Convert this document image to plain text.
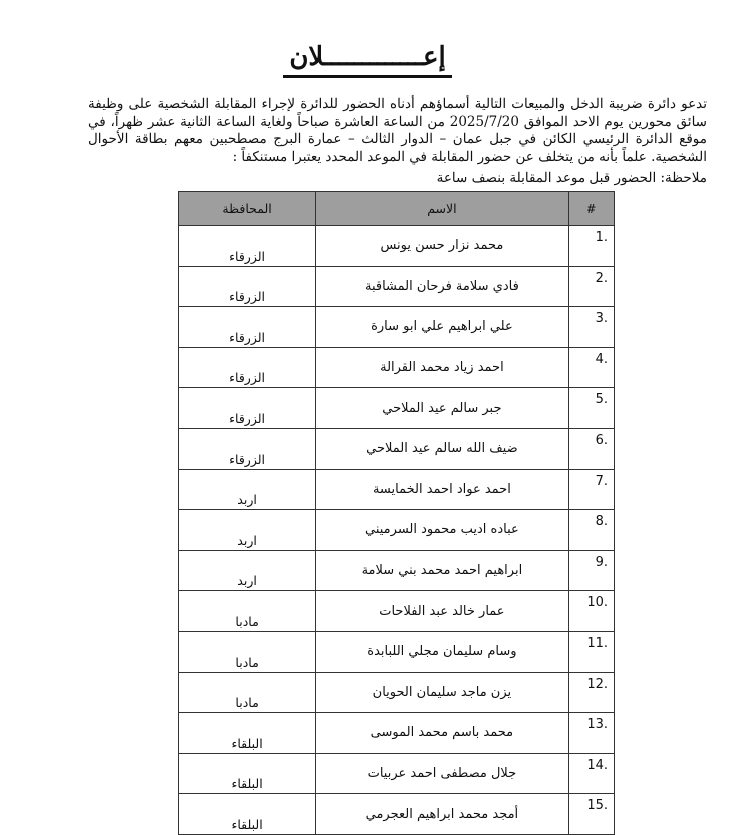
إعـــــــــــــلان

تدعو دائرة ضريبة الدخل والمبيعات التالية أسماؤهم أدناه الحضور للدائرة لإجراء المقابلة الشخصية على وظيفة سائق محورين يوم الاحد الموافق 2025/7/20 من الساعة العاشرة صباحاً ولغاية الساعة الثانية عشر ظهراً، في موقع الدائرة الرئيسي الكائن في جبل عمان – الدوار الثالث – عمارة البرج مصطحبين معهم بطاقة الأحوال الشخصية. علماً بأنه من يتخلف عن حضور المقابلة في الموعد المحدد يعتبرا مستنكفاً :

ملاحظة: الحضور قبل موعد المقابلة بنصف ساعة
#	الاسم	المحافظة
1.	محمد نزار حسن يونس	الزرقاء
2.	فادي سلامة فرحان المشاقبة	الزرقاء
3.	علي ابراهيم علي ابو سارة	الزرقاء
4.	احمد زياد محمد القرالة	الزرقاء
5.	جبر سالم عيد الملاحي	الزرقاء
6.	ضيف الله سالم عيد الملاحي	الزرقاء
7.	احمد عواد احمد الخمايسة	اربد
8.	عباده اديب محمود السرميني	اربد
9.	ابراهيم احمد محمد بني سلامة	اربد
10.	عمار خالد عبد الفلاحات	مادبا
11.	وسام سليمان مجلي اللبابدة	مادبا
12.	يزن ماجد سليمان الحويان	مادبا
13.	محمد باسم محمد الموسى	البلقاء
14.	جلال مصطفى احمد عربيات	البلقاء
15.	أمجد محمد ابراهيم العجرمي	البلقاء
